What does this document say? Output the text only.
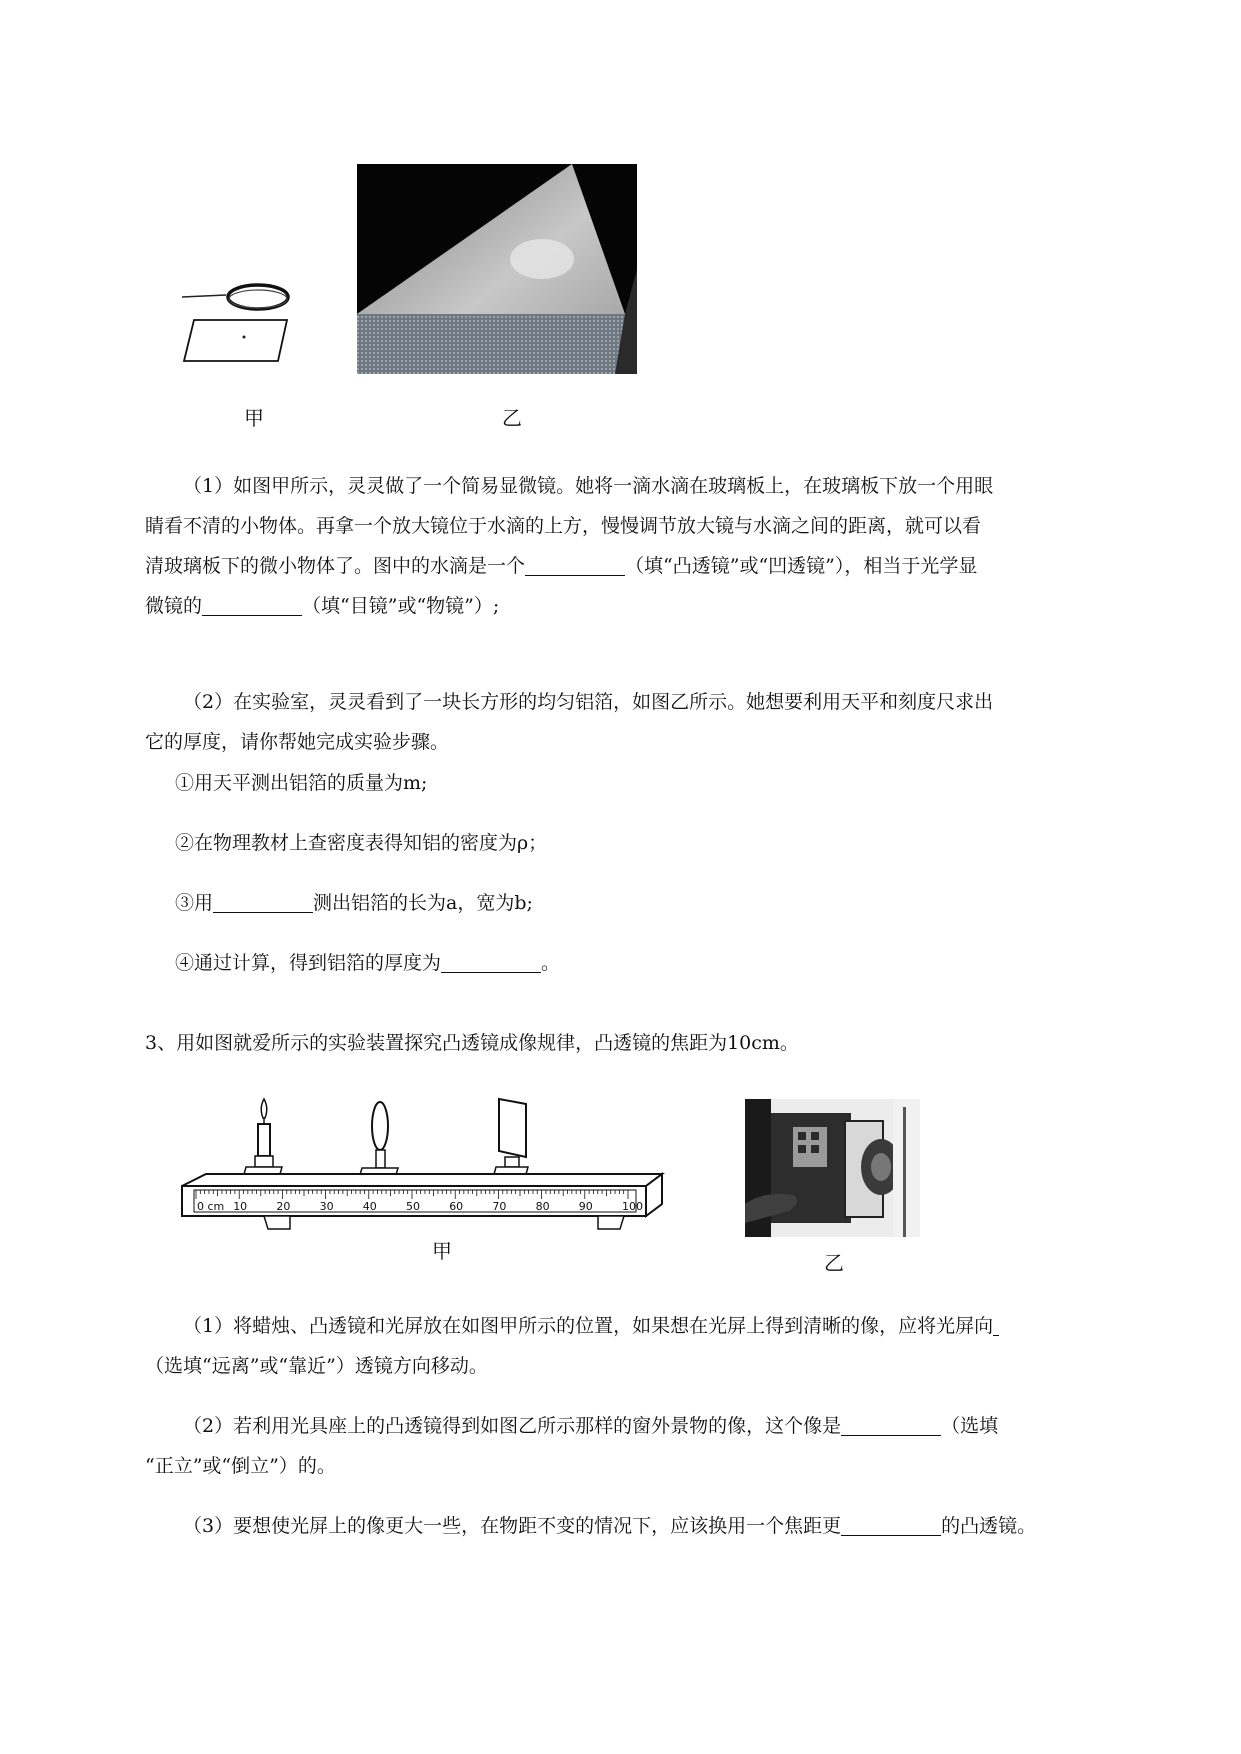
甲	乙
（1）如图甲所示，灵灵做了一个简易显微镜。她将一滴水滴在玻璃板上，在玻璃板下放一个用眼
睛看不清的小物体。再拿一个放大镜位于水滴的上方，慢慢调节放大镜与水滴之间的距离，就可以看
清玻璃板下的微小物体了。图中的水滴是一个	（填“凸透镜”或“凹透镜”），相当于光学显
微镜的	（填“目镜”或“物镜”）;
（2）在实验室，灵灵看到了一块长方形的均匀铝箔，如图乙所示。她想要利用天平和刻度尺求出
它的厚度，请你帮她完成实验步骤。
①用天平测出铝箔的质量为m;
②在物理教材上查密度表得知铝的密度为ρ；
③用	测出铝箔的长为a，宽为b;
④通过计算，得到铝箔的厚度为	。
3、用如图就爱所示的实验装置探究凸透镜成像规律，凸透镜的焦距为10cm。
0 cm 10	20	30	40	50	60	70	80	90	100
甲	乙
（1）将蜡烛、凸透镜和光屏放在如图甲所示的位置，如果想在光屏上得到清晰的像，应将光屏向
（选填“远离”或“靠近”）透镜方向移动。
（2）若利用光具座上的凸透镜得到如图乙所示那样的窗外景物的像，这个像是	（选填
“正立”或“倒立”）的。
（3）要想使光屏上的像更大一些，在物距不变的情况下，应该换用一个焦距更	的凸透镜。
